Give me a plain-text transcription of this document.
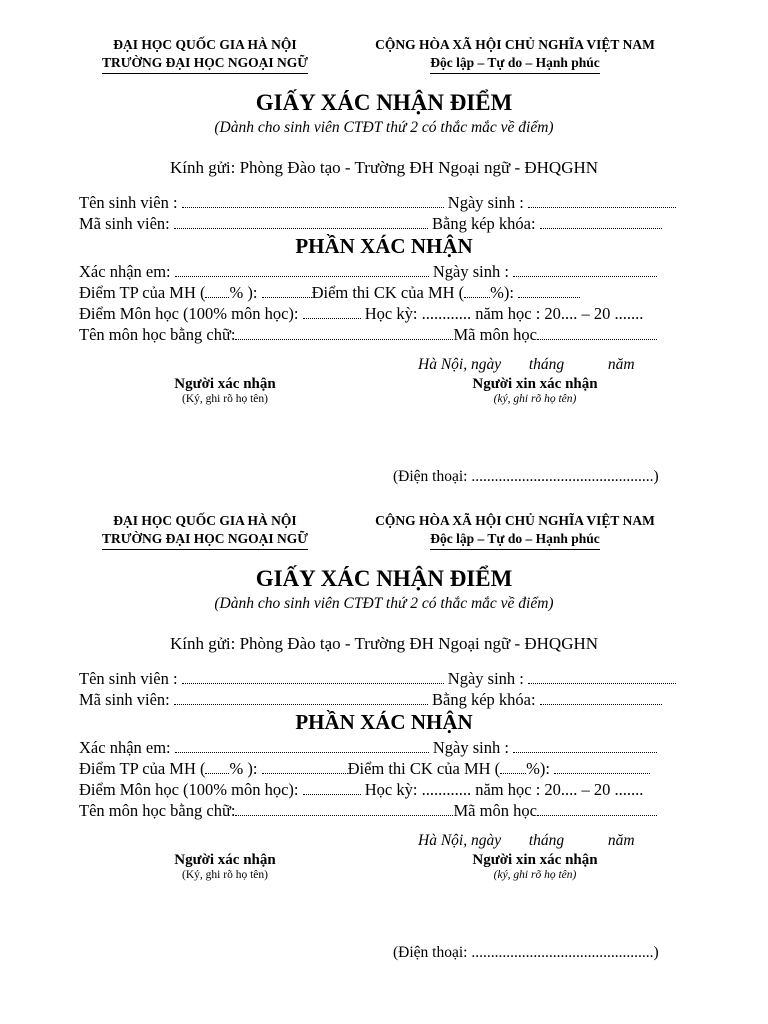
ĐẠI HỌC QUỐC GIA HÀ NỘI
TRƯỜNG ĐẠI HỌC NGOẠI NGỮ
CỘNG HÒA XÃ HỘI CHỦ NGHĨA VIỆT NAM
Độc lập – Tự do – Hạnh phúc
GIẤY XÁC NHẬN ĐIỂM
(Dành cho sinh viên CTĐT thứ 2 có thắc mắc về điểm)
Kính gửi: Phòng Đào tạo - Trường ĐH Ngoại ngữ - ĐHQGHN
Tên sinh viên :	Ngày sinh :
Mã sinh viên:	Bằng kép khóa:
PHẦN XÁC NHẬN
Xác nhận em:	Ngày sinh :
Điểm TP của MH ( % ):	Điểm thi CK của MH ( %):
Điểm Môn học (100% môn học):	Học kỳ: ............ năm học : 20.... – 20 .......
Tên môn học bằng chữ:	Mã môn học
Hà Nội, ngày tháng	năm
Người xác nhận
(Ký, ghi rõ họ tên)
Người xin xác nhận
(ký, ghi rõ họ tên)
(Điện thoại: ...............................................)
ĐẠI HỌC QUỐC GIA HÀ NỘI
TRƯỜNG ĐẠI HỌC NGOẠI NGỮ
CỘNG HÒA XÃ HỘI CHỦ NGHĨA VIỆT NAM
Độc lập – Tự do – Hạnh phúc
GIẤY XÁC NHẬN ĐIỂM
(Dành cho sinh viên CTĐT thứ 2 có thắc mắc về điểm)
Kính gửi: Phòng Đào tạo - Trường ĐH Ngoại ngữ - ĐHQGHN
Tên sinh viên :	Ngày sinh :
Mã sinh viên:	Bằng kép khóa:
PHẦN XÁC NHẬN
Xác nhận em:	Ngày sinh :
Điểm TP của MH ( % ):	Điểm thi CK của MH ( %):
Điểm Môn học (100% môn học):	Học kỳ: ............ năm học : 20.... – 20 .......
Tên môn học bằng chữ:	Mã môn học
Hà Nội, ngày tháng	năm
Người xác nhận
(Ký, ghi rõ họ tên)
Người xin xác nhận
(ký, ghi rõ họ tên)
(Điện thoại: ...............................................)
